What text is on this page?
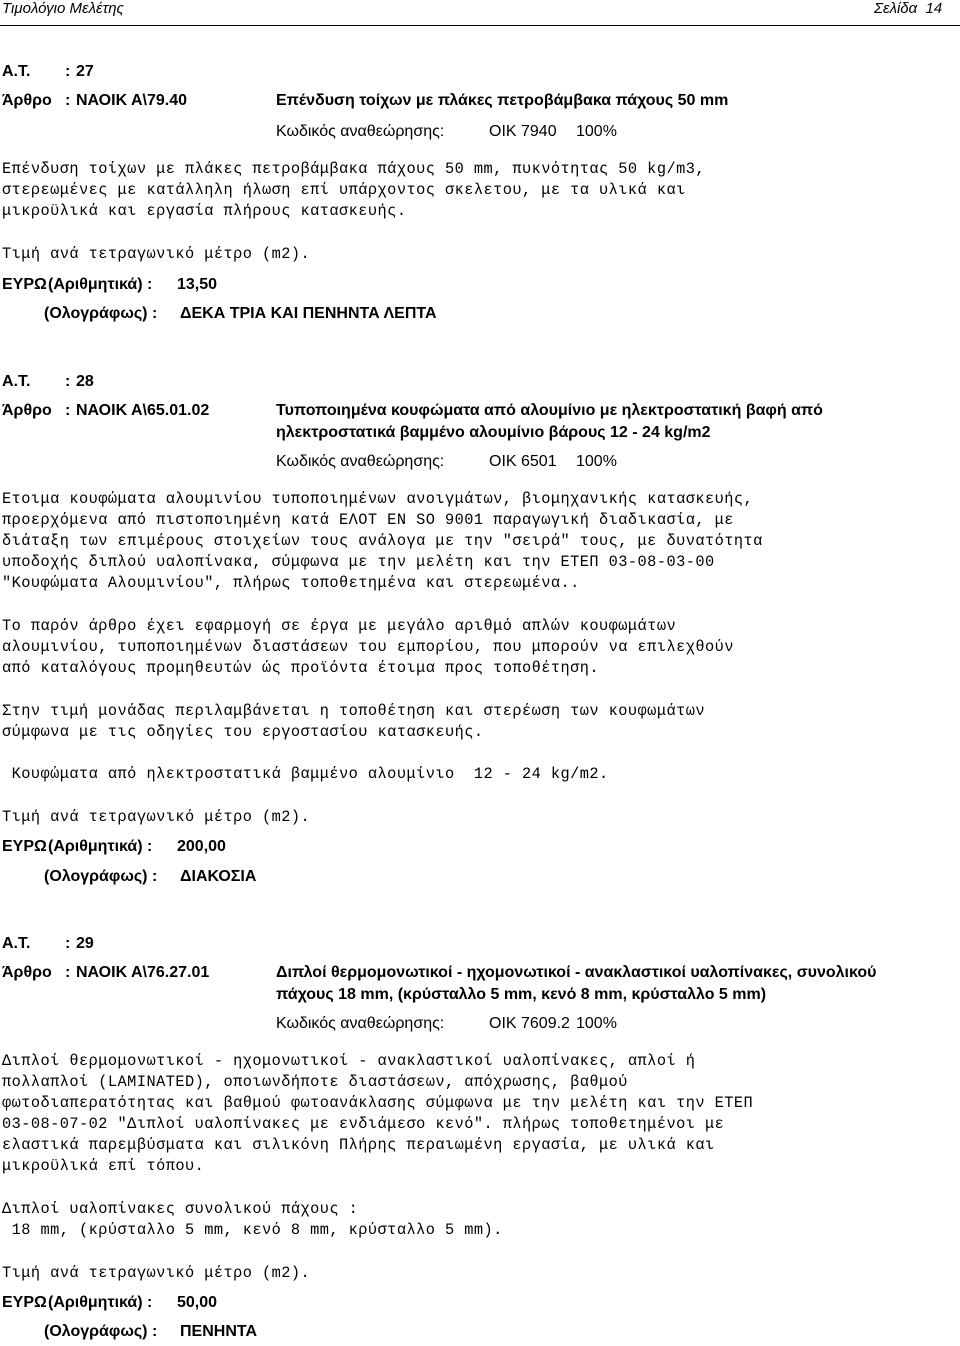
Τιμολόγιο Μελέτης	Σελίδα  14
Α.Τ. : 27
Άρθρο : ΝΑΟΙΚ Α\79.40	Επένδυση τοίχων με πλάκες πετροβάμβακα πάχους 50 mm
Κωδικός αναθεώρησης:	ΟΙΚ 7940 100%
Επένδυση τοίχων με πλάκες πετροβάμβακα πάχους 50 mm, πυκνότητας 50 kg/m3,
στερεωμένες με κατάλληλη ήλωση επί υπάρχοντος σκελετου, με τα υλικά και
μικροϋλικά και εργασία πλήρους κατασκευής.
Τιμή ανά τετραγωνικό μέτρο (m2).
ΕΥΡΩ (Αριθμητικά) : 13,50
(Ολογράφως) : ΔΕΚΑ ΤΡΙΑ ΚΑΙ ΠΕΝΗΝΤΑ ΛΕΠΤΑ
Α.Τ. : 28
Άρθρο : ΝΑΟΙΚ Α\65.01.02	Τυποποιημένα κουφώματα από αλουμίνιο με ηλεκτροστατική βαφή από
ηλεκτροστατικά βαμμένο αλουμίνιο βάρους 12 - 24 kg/m2
Κωδικός αναθεώρησης:	ΟΙΚ 6501 100%
Ετοιμα κουφώματα αλουμινίου τυποποιημένων ανοιγμάτων, βιομηχανικής κατασκευής,
προερχόμενα από πιστοποιημένη κατά ΕΛΟΤ ΕΝ SO 9001 παραγωγική διαδικασία, με
διάταξη των επιμέρους στοιχείων τους ανάλογα με την "σειρά" τους, με δυνατότητα
υποδοχής διπλού υαλοπίνακα, σύμφωνα με την μελέτη και την ΕΤΕΠ 03-08-03-00
"Κουφώματα Αλουμινίου", πλήρως τοποθετημένα και στερεωμένα..
Το παρόν άρθρο έχει εφαρμογή σε έργα με μεγάλο αριθμό απλών κουφωμάτων
αλουμινίου, τυποποιημένων διαστάσεων του εμπορίου, που μπορούν να επιλεχθούν
από καταλόγους προμηθευτών ώς προϊόντα έτοιμα προς τοποθέτηση.
Στην τιμή μονάδας περιλαμβάνεται η τοποθέτηση και στερέωση των κουφωμάτων
σύμφωνα με τις οδηγίες του εργοστασίου κατασκευής.
Κουφώματα από ηλεκτροστατικά βαμμένο αλουμίνιο  12 - 24 kg/m2.
Τιμή ανά τετραγωνικό μέτρο (m2).
ΕΥΡΩ (Αριθμητικά) : 200,00
(Ολογράφως) : ΔΙΑΚΟΣΙΑ
Α.Τ. : 29
Άρθρο : ΝΑΟΙΚ Α\76.27.01	Διπλοί θερμομονωτικοί - ηχομονωτικοί - ανακλαστικοί υαλοπίνακες, συνολικού
πάχους 18 mm, (κρύσταλλο 5 mm, κενό 8 mm, κρύσταλλο 5 mm)
Κωδικός αναθεώρησης:	ΟΙΚ 7609.2 100%
Διπλοί θερμομονωτικοί - ηχομονωτικοί - ανακλαστικοί υαλοπίνακες, απλοί ή
πολλαπλοί (LAMINATED), οποιωνδήποτε διαστάσεων, απόχρωσης, βαθμού
φωτοδιαπερατότητας και βαθμού φωτοανάκλασης σύμφωνα με την μελέτη και την ΕΤΕΠ
03-08-07-02 "Διπλοί υαλοπίνακες με ενδιάμεσο κενό". πλήρως τοποθετημένοι με
ελαστικά παρεμβύσματα και σιλικόνη Πλήρης περαιωμένη εργασία, με υλικά και
μικροϋλικά επί τόπου.
Διπλοί υαλοπίνακες συνολικού πάχους :
18 mm, (κρύσταλλο 5 mm, κενό 8 mm, κρύσταλλο 5 mm).
Τιμή ανά τετραγωνικό μέτρο (m2).
ΕΥΡΩ (Αριθμητικά) : 50,00
(Ολογράφως) : ΠΕΝΗΝΤΑ
